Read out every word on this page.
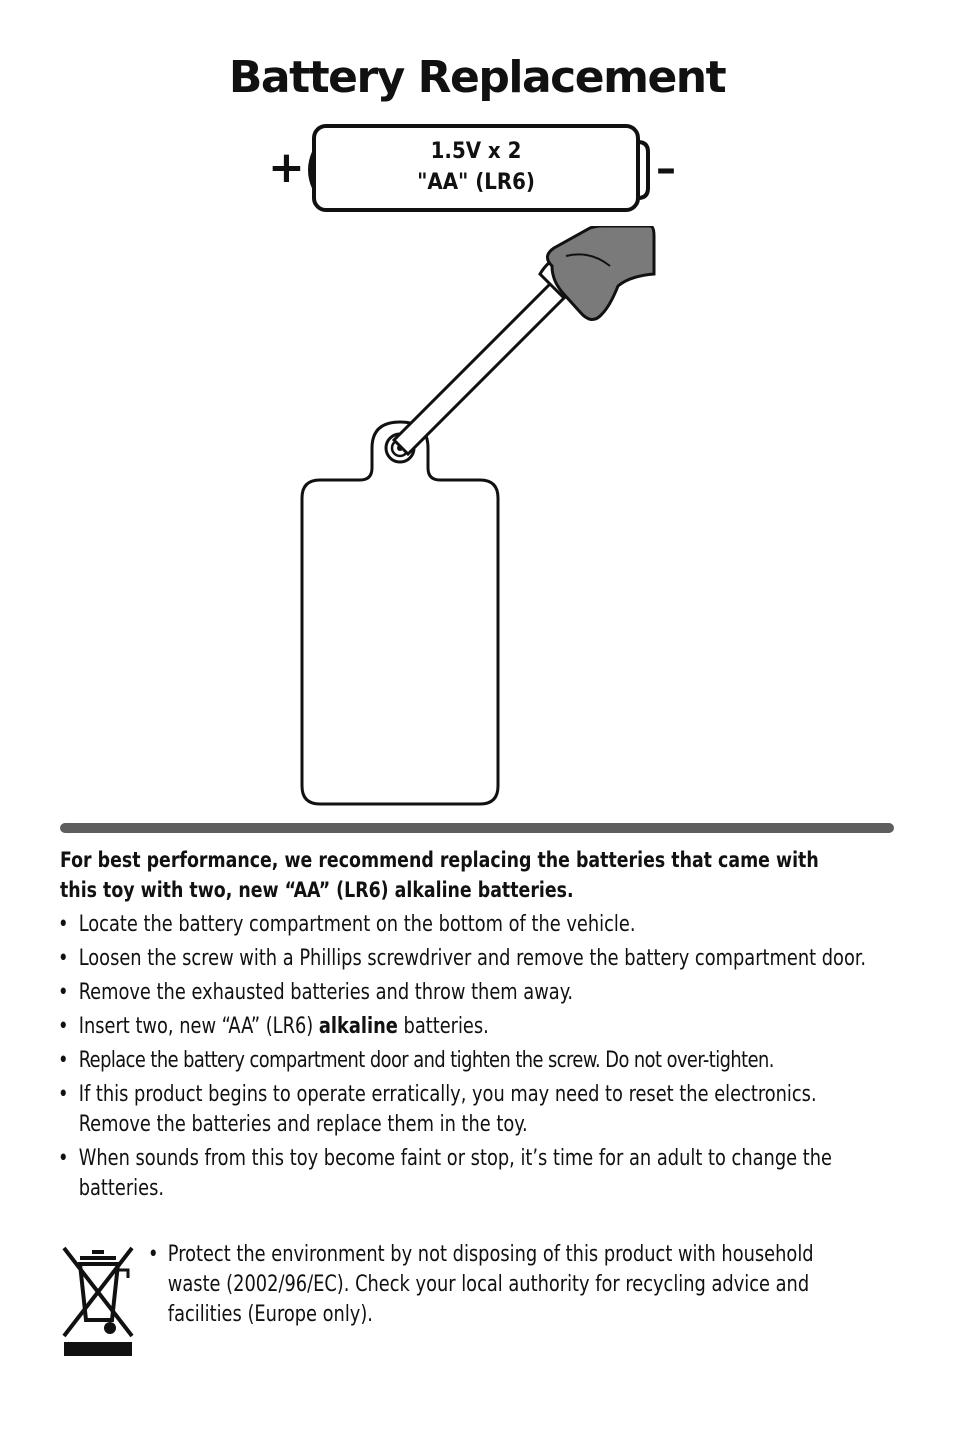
Battery Replacement
+	–
1.5V x 2
"AA" (LR6)
For best performance, we recommend replacing the batteries that came with this toy with two, new “AA” (LR6) alkaline batteries.
• Locate the battery compartment on the bottom of the vehicle.
• Loosen the screw with a Phillips screwdriver and remove the battery compartment door.
• Remove the exhausted batteries and throw them away.
• Insert two, new “AA” (LR6) alkaline batteries.
• Replace the battery compartment door and tighten the screw. Do not over-tighten.
• If this product begins to operate erratically, you may need to reset the electronics. Remove the batteries and replace them in the toy.
• When sounds from this toy become faint or stop, it’s time for an adult to change the batteries.

• Protect the environment by not disposing of this product with household waste (2002/96/EC). Check your local authority for recycling advice and facilities (Europe only).
